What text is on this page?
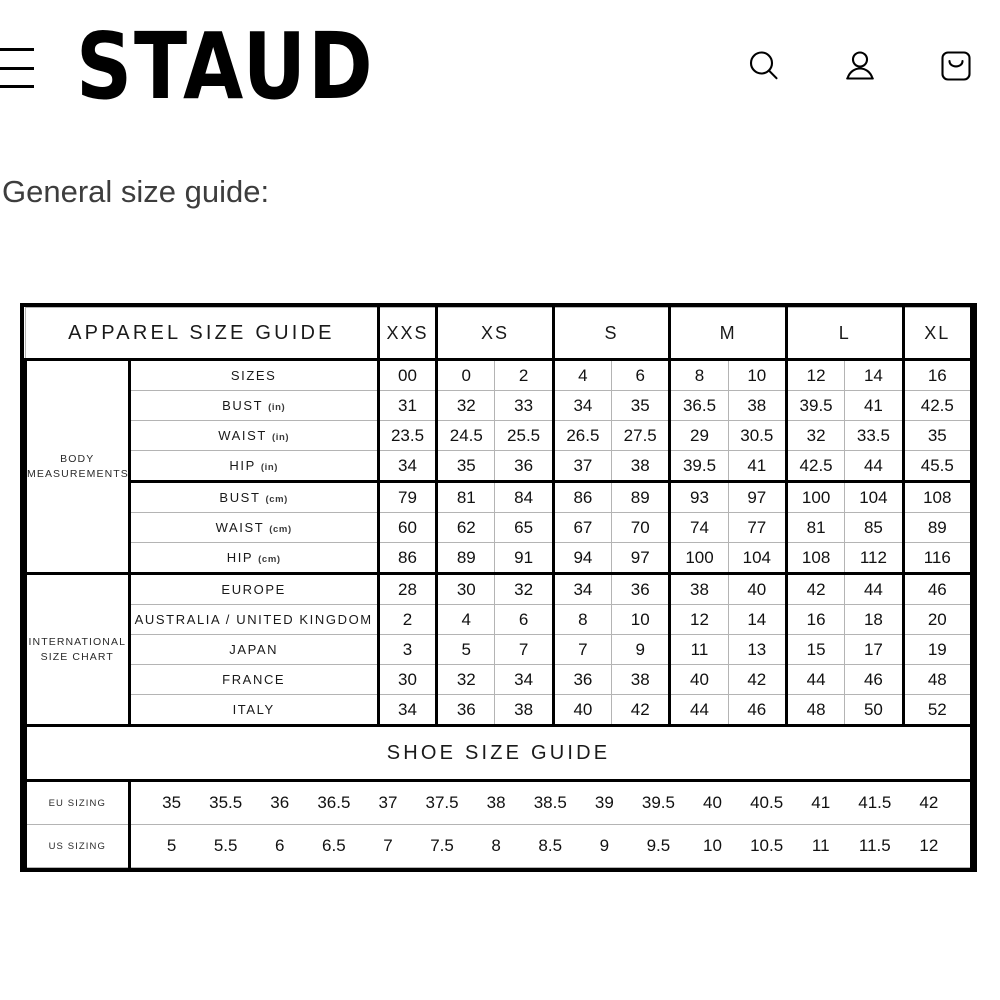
STAUD
General size guide:
APPAREL SIZE GUIDE		XXS	XS		S		M		L		XL
BODY
MEASUREMENTS	SIZES	00	0	2	4	6	8	10	12	14	16
	BUST (in)	31	32	33	34	35	36.5	38	39.5	41	42.5
	WAIST (in)	23.5	24.5	25.5	26.5	27.5	29	30.5	32	33.5	35
	HIP (in)	34	35	36	37	38	39.5	41	42.5	44	45.5
	BUST (cm)	79	81	84	86	89	93	97	100	104	108
	WAIST (cm)	60	62	65	67	70	74	77	81	85	89
	HIP (cm)	86	89	91	94	97	100	104	108	112	116
INTERNATIONAL
SIZE CHART	EUROPE	28	30	32	34	36	38	40	42	44	46
	AUSTRALIA / UNITED KINGDOM	2	4	6	8	10	12	14	16	18	20
	JAPAN	3	5	7	7	9	11	13	15	17	19
	FRANCE	30	32	34	36	38	40	42	44	46	48
	ITALY	34	36	38	40	42	44	46	48	50	52
SHOE SIZE GUIDE											
EU SIZING	35	35.5	36	36.5	37	37.5	38	38.5	39	39.5	40	40.5	41	41.5	42

US SIZING	5	5.5	6	6.5	7	7.5	8	8.5	9	9.5	10	10.5	11	11.5	12
